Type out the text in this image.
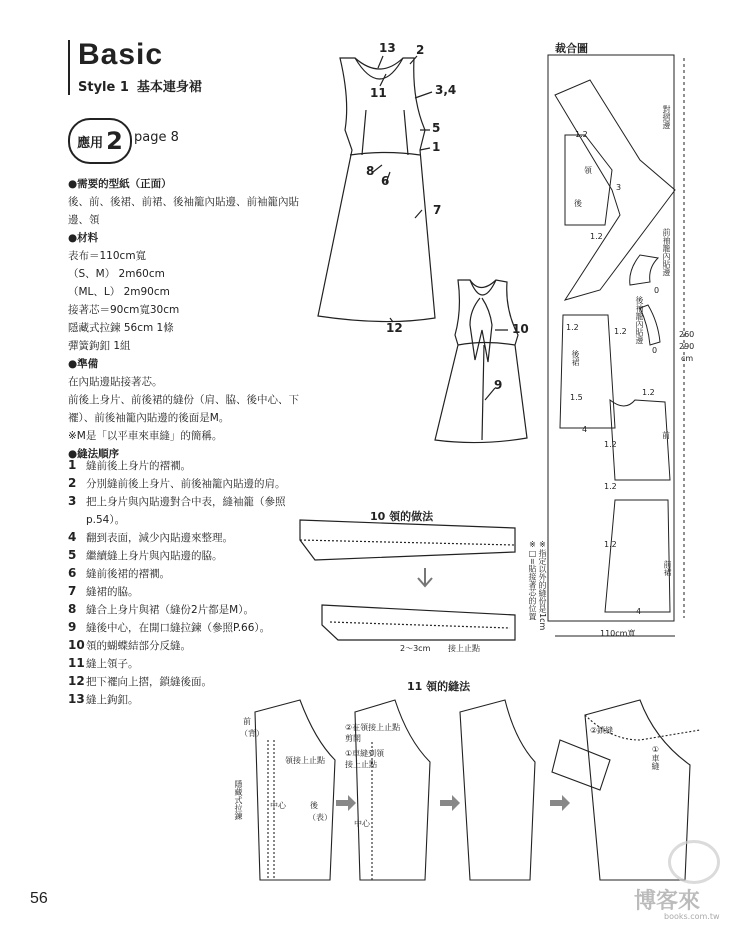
Basic
Style 1 基本連身裙
應用 2 page 8
●需要的型紙（正面）
後、前、後裙、前裙、後袖籠內貼邊、前袖籠內貼
邊、領
●材料
表布＝110cm寬
（S、M） 2m60cm
（ML、L） 2m90cm
接著芯＝90cm寬30cm
隱藏式拉鍊 56cm 1條
彈簧鉤釦 1組
●準備
在內貼邊貼接著芯。
前後上身片、前後裙的縫份（肩、脇、後中心、下
襬）、前後袖籠內貼邊的後面是M。
※M是「以平車來車縫」的簡稱。
●縫法順序
1 縫前後上身片的褶襉。
2 分別縫前後上身片、前後袖籠內貼邊的肩。
3 把上身片與內貼邊對合中表，縫袖籠（參照
p.54）。
4 翻到表面，減少內貼邊來整理。
5 繼續縫上身片與內貼邊的脇。
6 縫前後裙的褶襉。
7 縫裙的脇。
8 縫合上身片與裙（縫份2片都是M）。
9 縫後中心，在開口縫拉鍊（參照P.66）。
10 領的蝴蝶結部分反縫。
11 縫上領子。
12 把下襬向上摺，鎖縫後面。
13 縫上鉤釦。
13 2
11	3,4
5
1
8
6
7
12	10
9
裁合圖
對摺邊
前袖籠內貼邊
後袖籠內貼邊
領
後
後裙
前
前裙
260
290
cm
110cm寬
※指定以外的縫份是1cm
※□=貼接著芯的位置
1.2
1.2
1.2
1.5
4
1.2
1.2
4
1.2
1.2
1.2
3
0
0
10 領的做法
2〜3cm 接上止點
11 領的縫法
前
（背）
領接上止點
隱藏式拉鍊	中心	後
（表）
②在領接上止點剪開
①車縫到領接上止點
中心
②鎖縫
①車縫
56	博客來
books.com.tw
